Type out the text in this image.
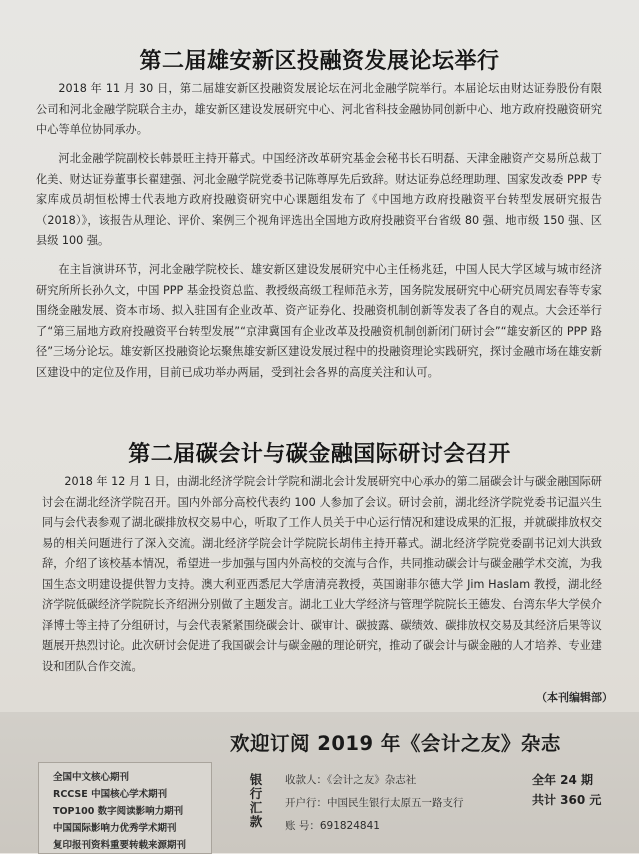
第二届雄安新区投融资发展论坛举行

2018 年 11 月 30 日，第二届雄安新区投融资发展论坛在河北金融学院举行。本届论坛由财达证券股份有限公司和河北金融学院联合主办，雄安新区建设发展研究中心、河北省科技金融协同创新中心、地方政府投融资研究中心等单位协同承办。

河北金融学院副校长韩景旺主持开幕式。中国经济改革研究基金会秘书长石明磊、天津金融资产交易所总裁丁化美、财达证券董事长翟建强、河北金融学院党委书记陈尊厚先后致辞。财达证券总经理助理、国家发改委 PPP 专家库成员胡恒松博士代表地方政府投融资研究中心课题组发布了《中国地方政府投融资平台转型发展研究报告（2018）》，该报告从理论、评价、案例三个视角评选出全国地方政府投融资平台省级 80 强、地市级 150 强、区县级 100 强。

在主旨演讲环节，河北金融学院校长、雄安新区建设发展研究中心主任杨兆廷，中国人民大学区域与城市经济研究所所长孙久文，中国 PPP 基金投资总监、教授级高级工程师范永芳，国务院发展研究中心研究员周宏春等专家围绕金融发展、资本市场、拟入驻国有企业改革、资产证券化、投融资机制创新等发表了各自的观点。大会还举行了“第三届地方政府投融资平台转型发展”“京津冀国有企业改革及投融资机制创新闭门研讨会”“雄安新区的 PPP 路径”三场分论坛。雄安新区投融资论坛聚焦雄安新区建设发展过程中的投融资理论实践研究，探讨金融市场在雄安新区建设中的定位及作用，目前已成功举办两届，受到社会各界的高度关注和认可。

第二届碳会计与碳金融国际研讨会召开

2018 年 12 月 1 日，由湖北经济学院会计学院和湖北会计发展研究中心承办的第二届碳会计与碳金融国际研讨会在湖北经济学院召开。国内外部分高校代表约 100 人参加了会议。研讨会前，湖北经济学院党委书记温兴生同与会代表参观了湖北碳排放权交易中心，听取了工作人员关于中心运行情况和建设成果的汇报，并就碳排放权交易的相关问题进行了深入交流。湖北经济学院会计学院院长胡伟主持开幕式。湖北经济学院党委副书记刘大洪致辞，介绍了该校基本情况，希望进一步加强与国内外高校的交流与合作，共同推动碳会计与碳金融学术交流，为我国生态文明建设提供智力支持。澳大利亚西悉尼大学唐清亮教授，英国谢菲尔德大学 Jim Haslam 教授，湖北经济学院低碳经济学院院长齐绍洲分别做了主题发言。湖北工业大学经济与管理学院院长王德发、台湾东华大学侯介泽博士等主持了分组研讨，与会代表紧紧围绕碳会计、碳审计、碳披露、碳绩效、碳排放权交易及其经济后果等议题展开热烈讨论。此次研讨会促进了我国碳会计与碳金融的理论研究，推动了碳会计与碳金融的人才培养、专业建设和团队合作交流。

（本刊编辑部）
欢迎订阅 2019 年《会计之友》杂志
全国中文核心期刊
RCCSE 中国核心学术期刊
TOP100 数字阅读影响力期刊
中国国际影响力优秀学术期刊
复印报刊资料重要转载来源期刊
银行汇款
收款人：《会计之友》杂志社
开户行：中国民生银行太原五一路支行
账 号：691824841
全年 24 期
共计 360 元
